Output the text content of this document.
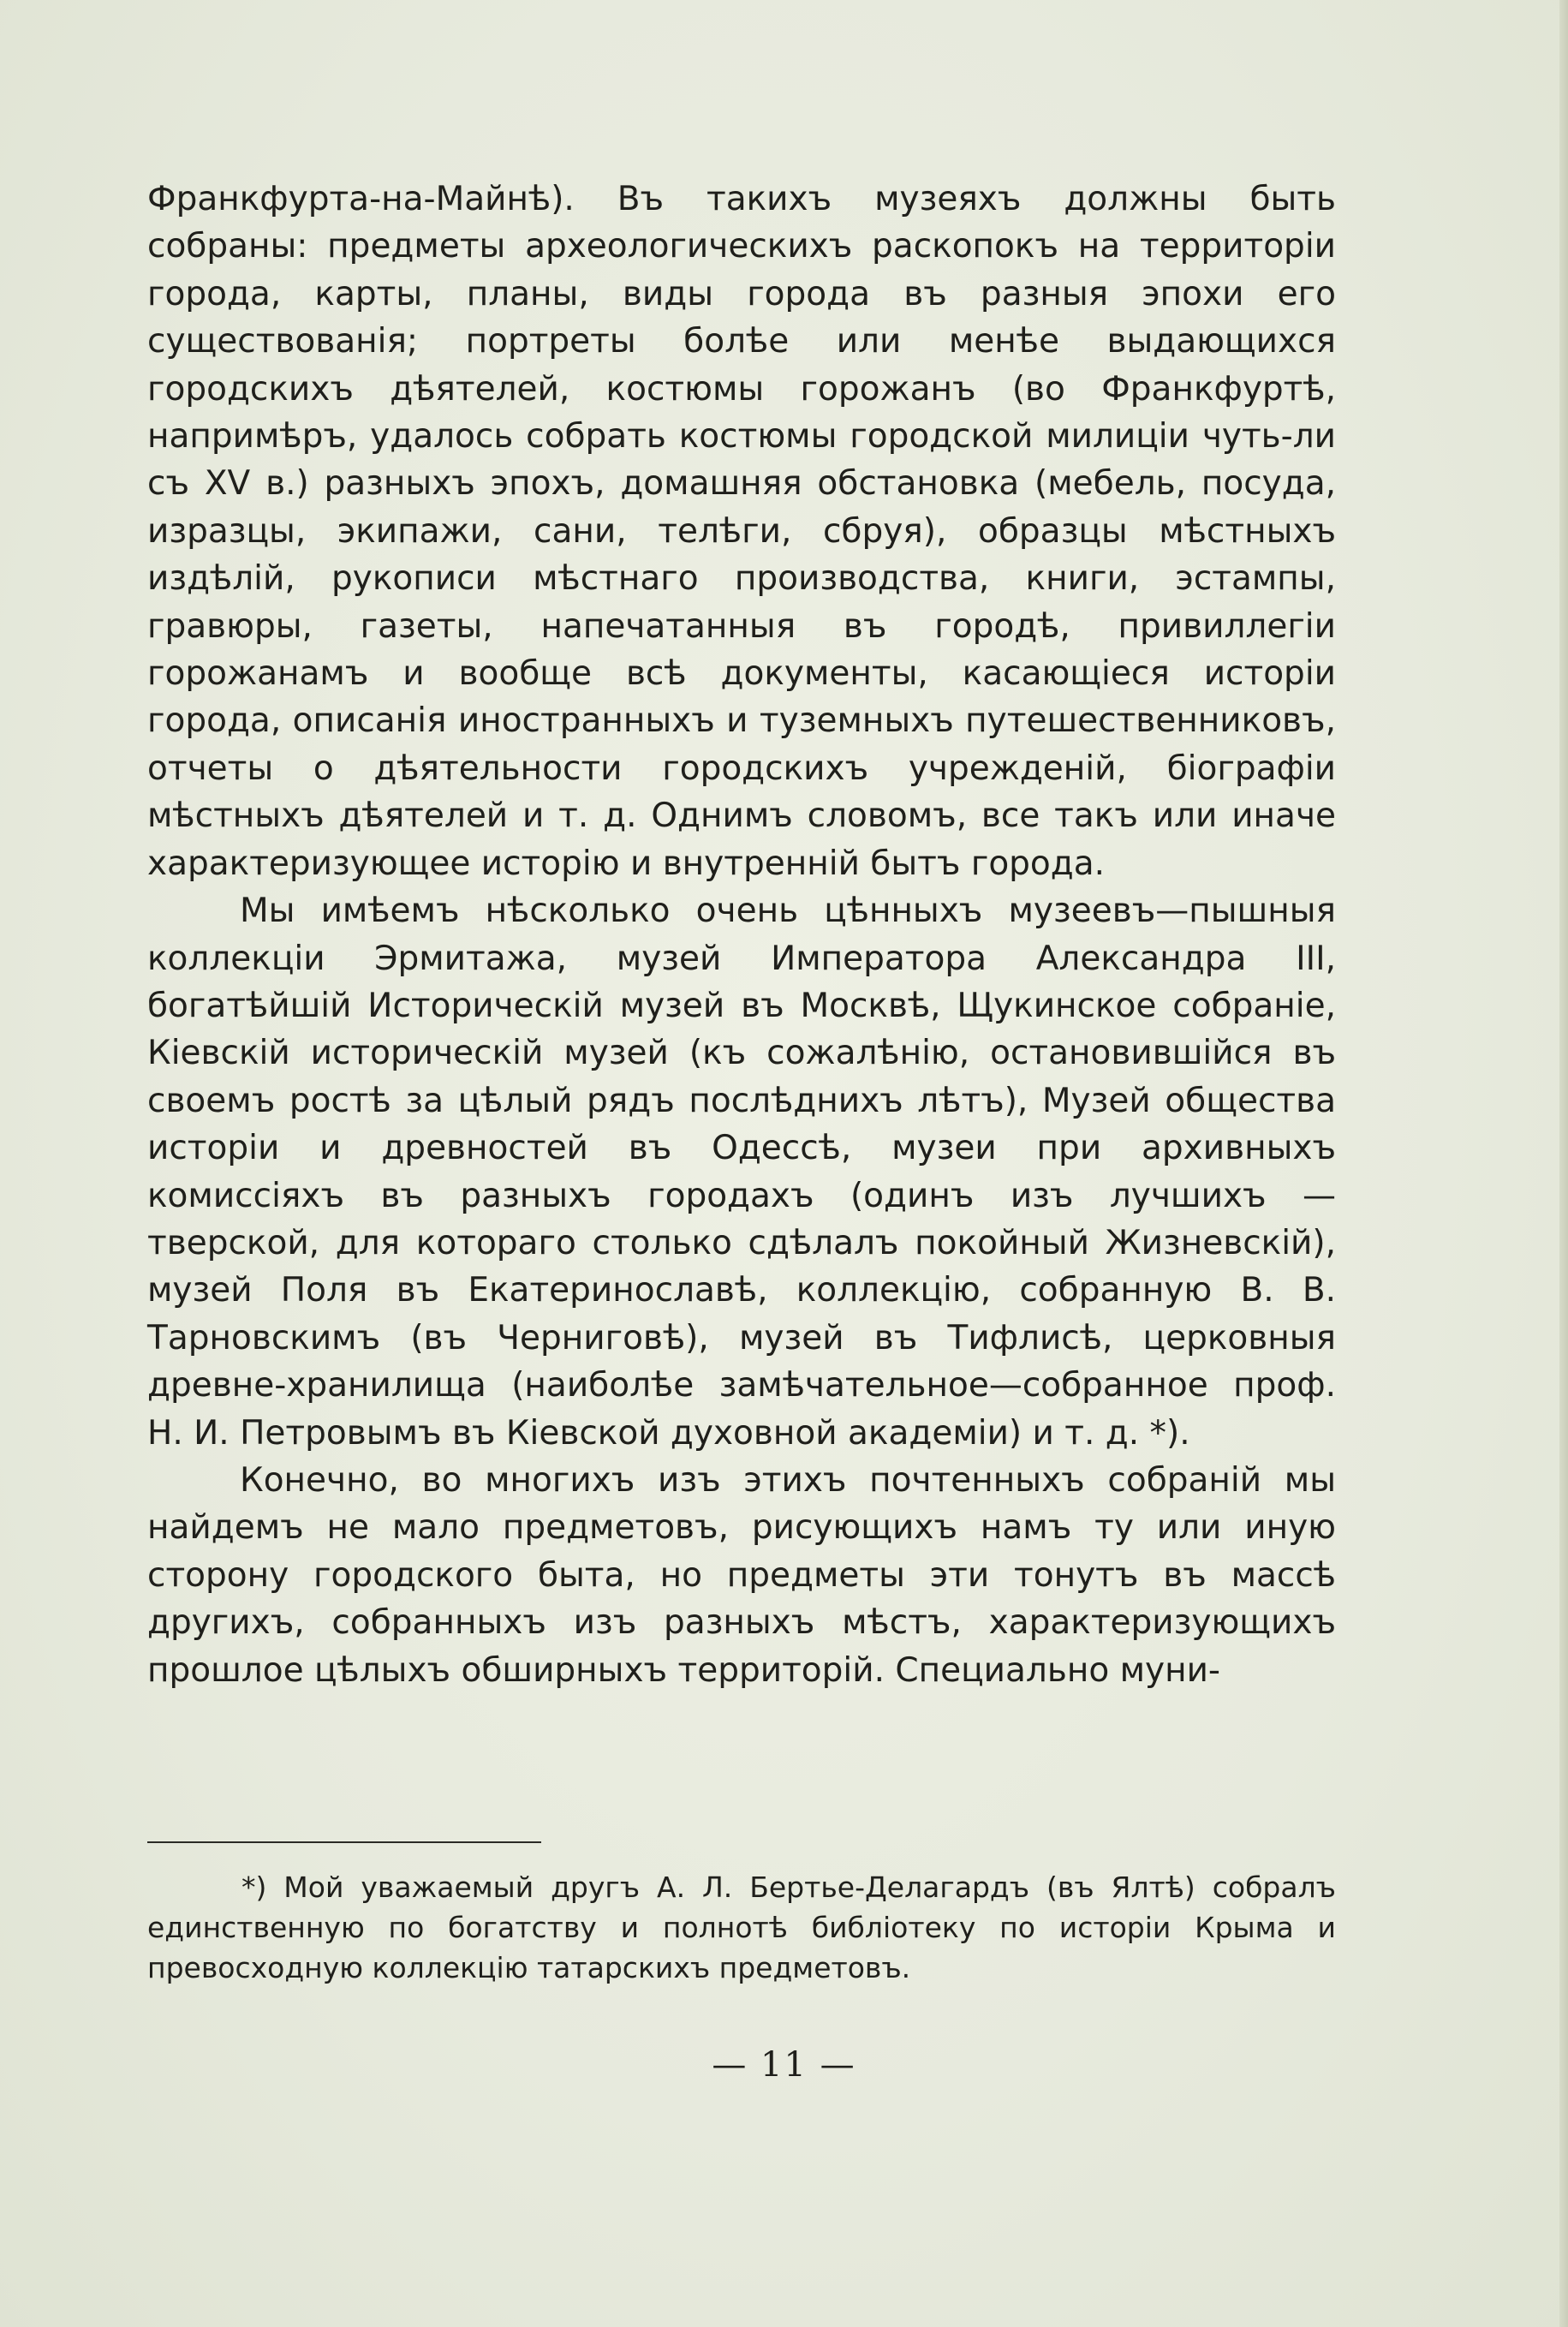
Франкфурта-на-Майнѣ). Въ такихъ музеяхъ должны быть собраны: предметы археологическихъ раскопокъ на территоріи города, карты, планы, виды города въ разныя эпохи его существованія; портреты болѣе или менѣе выдающихся городскихъ дѣятелей, костюмы горожанъ (во Франкфуртѣ, напримѣръ, удалось собрать костюмы городской милиціи чуть-ли съ XV в.) разныхъ эпохъ, домашняя обстановка (мебель, посуда, изразцы, экипажи, сани, телѣги, сбруя), образцы мѣстныхъ издѣлій, рукописи мѣстнаго производства, книги, эстампы, гравюры, газеты, напечатанныя въ городѣ, привиллегіи горожанамъ и вообще всѣ документы, касающіеся исторіи города, описанія иностранныхъ и туземныхъ путешественниковъ, отчеты о дѣятельности городскихъ учрежденій, біографіи мѣстныхъ дѣятелей и т. д. Однимъ словомъ, все такъ или иначе характеризующее исторію и внутренній бытъ города.

Мы имѣемъ нѣсколько очень цѣнныхъ музеевъ—пышныя коллекціи Эрмитажа, музей Императора Александра III, богатѣйшій Историческій музей въ Москвѣ, Щукинское собраніе, Кіевскій историческій музей (къ сожалѣнію, остановившійся въ своемъ ростѣ за цѣлый рядъ послѣднихъ лѣтъ), Музей общества исторіи и древностей въ Одессѣ, музеи при архивныхъ комиссіяхъ въ разныхъ городахъ (одинъ изъ лучшихъ — тверской, для котораго столько сдѣлалъ покойный Жизневскій), музей Поля въ Екатеринославѣ, коллекцію, собранную В. В. Тарновскимъ (въ Черниговѣ), музей въ Тифлисѣ, церковныя древне-хранилища (наиболѣе замѣчательное—собранное проф. Н. И. Петровымъ въ Кіевской духовной академіи) и т. д. *).

Конечно, во многихъ изъ этихъ почтенныхъ собраній мы найдемъ не мало предметовъ, рисующихъ намъ ту или иную сторону городского быта, но предметы эти тонутъ въ массѣ другихъ, собранныхъ изъ разныхъ мѣстъ, характеризующихъ прошлое цѣлыхъ обширныхъ территорій. Специально муни-

*) Мой уважаемый другъ А. Л. Бертье-Делагардъ (въ Ялтѣ) собралъ единственную по богатству и полнотѣ библіотеку по исторіи Крыма и превосходную коллекцію татарскихъ предметовъ.

— 11 —
